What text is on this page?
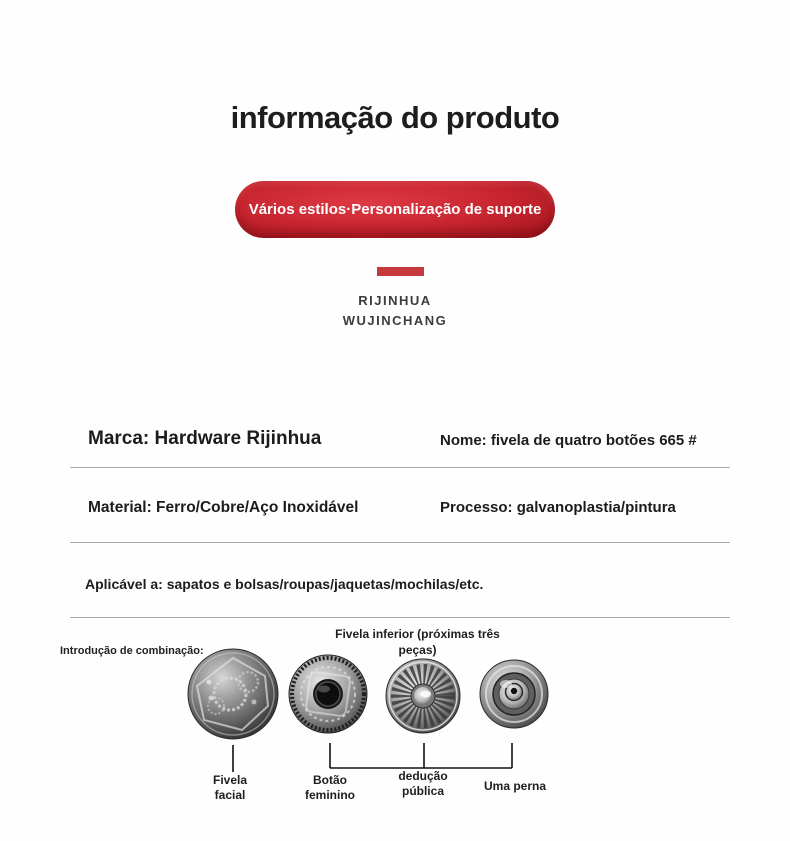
informação do produto
Vários estilos·Personalização de suporte
RIJINHUA
WUJINCHANG
Marca: Hardware Rijinhua	Nome: fivela de quatro botões 665 #
Material: Ferro/Cobre/Aço Inoxidável	Processo: galvanoplastia/pintura
Aplicável a: sapatos e bolsas/roupas/jaquetas/mochilas/etc.
Introdução de combinação:
Fivela inferior (próximas três
peças)
Fivela
facial
Botão
feminino
dedução
pública	Uma perna
